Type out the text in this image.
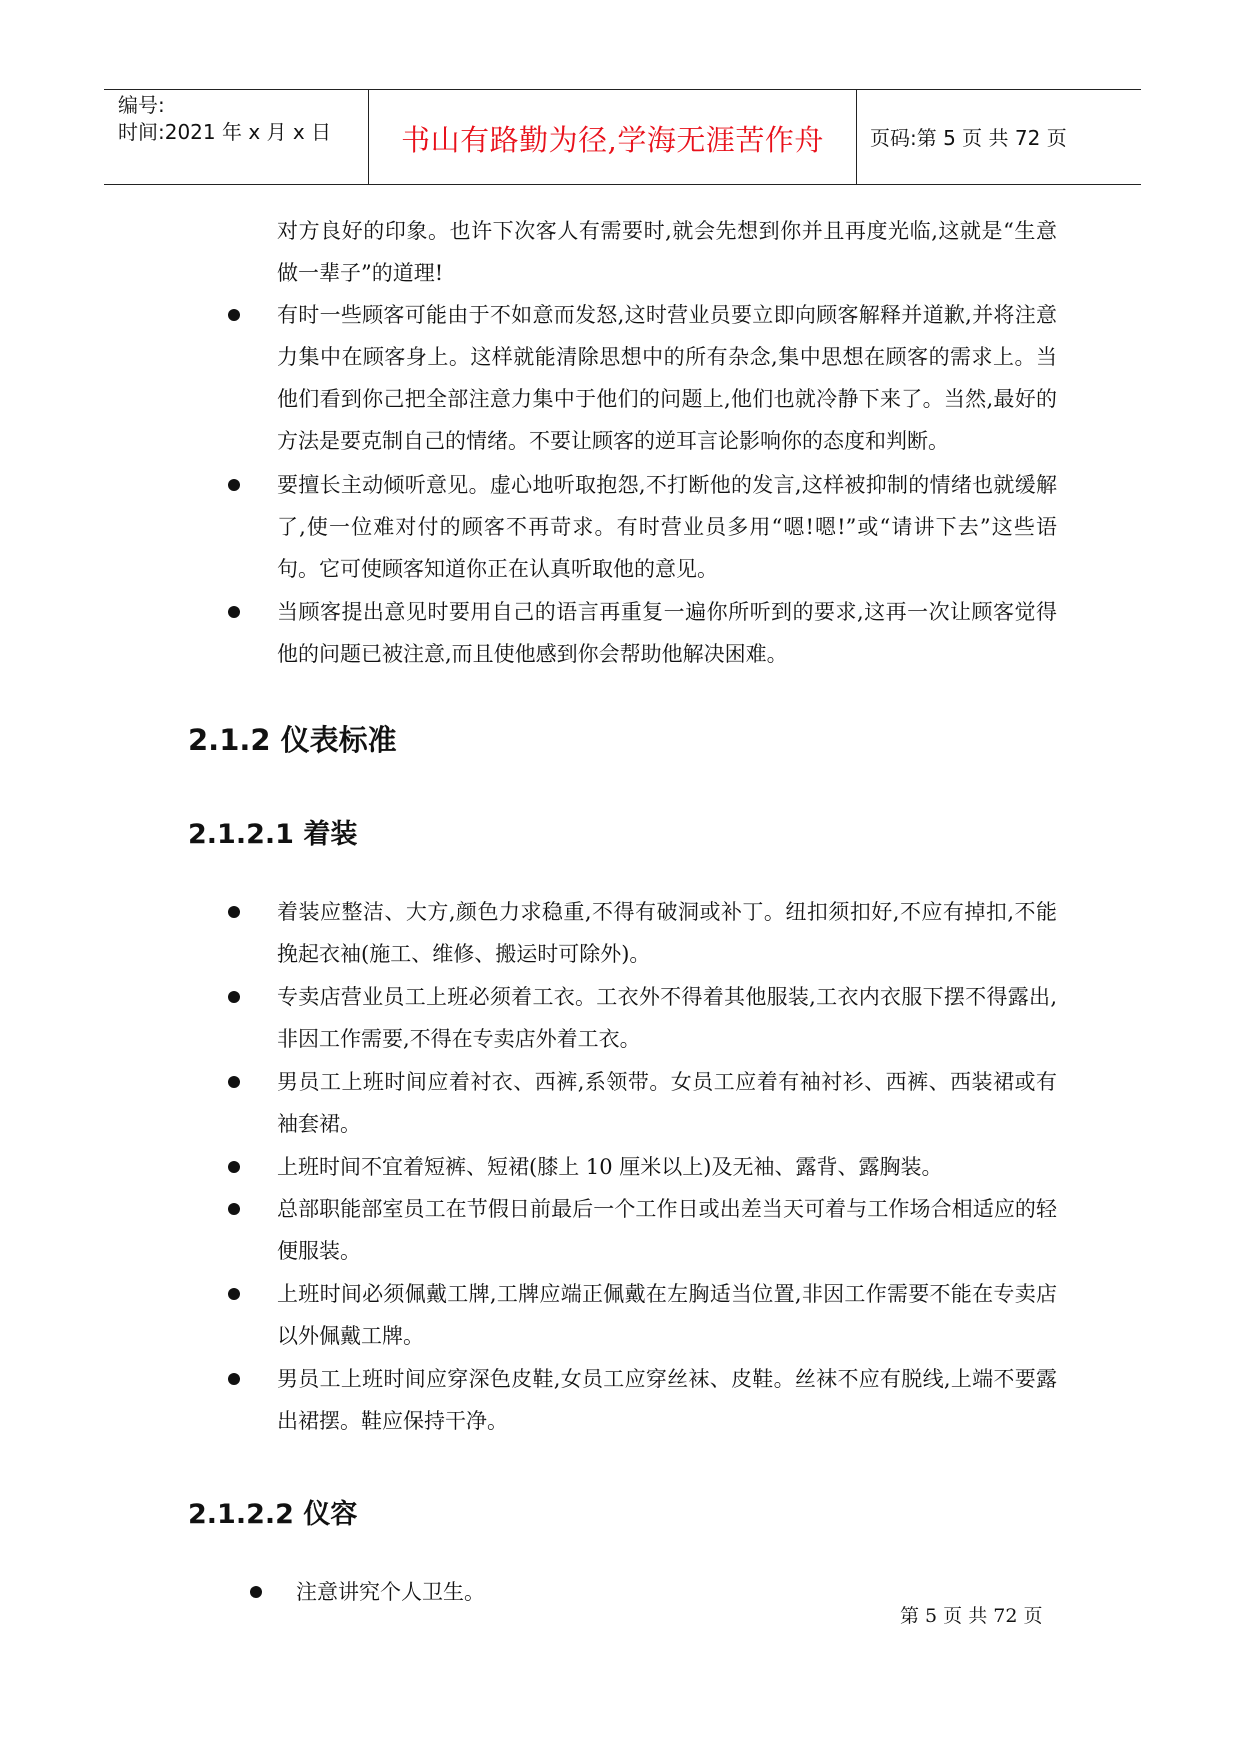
编号:
时间:2021 年 x 月 x 日	书山有路勤为径,学海无涯苦作舟	页码:第 5 页 共 72 页
对方良好的印象。也许下次客人有需要时,就会先想到你并且再度光临,这就是“生意做一辈子”的道理!
有时一些顾客可能由于不如意而发怒,这时营业员要立即向顾客解释并道歉,并将注意力集中在顾客身上。这样就能清除思想中的所有杂念,集中思想在顾客的需求上。当他们看到你己把全部注意力集中于他们的问题上,他们也就冷静下来了。当然,最好的方法是要克制自己的情绪。不要让顾客的逆耳言论影响你的态度和判断。
要擅长主动倾听意见。虚心地听取抱怨,不打断他的发言,这样被抑制的情绪也就缓解了,使一位难对付的顾客不再苛求。有时营业员多用“嗯!嗯!”或“请讲下去”这些语句。它可使顾客知道你正在认真听取他的意见。
当顾客提出意见时要用自己的语言再重复一遍你所听到的要求,这再一次让顾客觉得他的问题已被注意,而且使他感到你会帮助他解决困难。
2.1.2 仪表标准
2.1.2.1 着装
着装应整洁、大方,颜色力求稳重,不得有破洞或补丁。纽扣须扣好,不应有掉扣,不能挽起衣袖(施工、维修、搬运时可除外)。
专卖店营业员工上班必须着工衣。工衣外不得着其他服装,工衣内衣服下摆不得露出,非因工作需要,不得在专卖店外着工衣。
男员工上班时间应着衬衣、西裤,系领带。女员工应着有袖衬衫、西裤、西装裙或有袖套裙。
上班时间不宜着短裤、短裙(膝上 10 厘米以上)及无袖、露背、露胸装。
总部职能部室员工在节假日前最后一个工作日或出差当天可着与工作场合相适应的轻便服装。
上班时间必须佩戴工牌,工牌应端正佩戴在左胸适当位置,非因工作需要不能在专卖店以外佩戴工牌。
男员工上班时间应穿深色皮鞋,女员工应穿丝袜、皮鞋。丝袜不应有脱线,上端不要露出裙摆。鞋应保持干净。
2.1.2.2 仪容
注意讲究个人卫生。
第 5 页 共 72 页
